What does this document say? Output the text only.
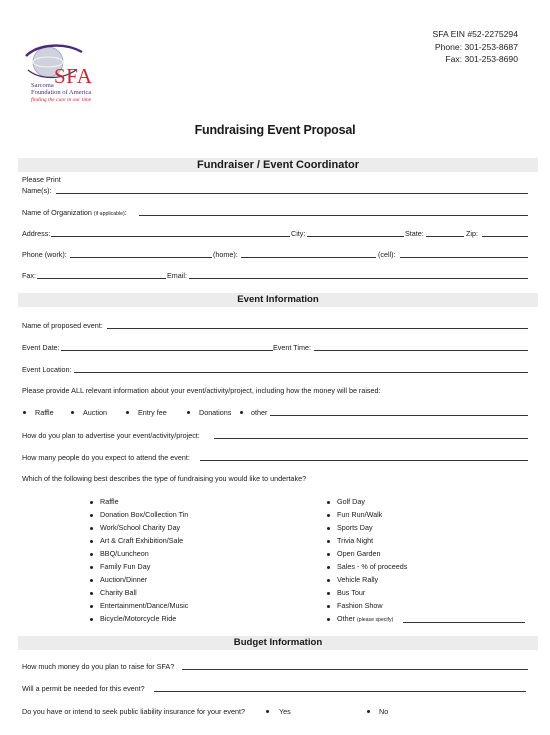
SFA
Sarcoma
Foundation of America
finding the cure in our time
SFA EIN #52-2275294
Phone: 301-253-8687
Fax: 301-253-8690
Fundraising Event Proposal
Fundraiser / Event Coordinator
Please Print
Name(s):
Name of Organization (if applicable):
Address:	City:	State:	Zip:
Phone (work):	(home):	(cell):
Fax:	Email:
Event Information
Name of proposed event:
Event Date:	Event Time:
Event Location:
Please provide ALL relevant information about your event/activity/project, including how the money will be raised:
Raffle	Auction	Entry fee	Donations	other
How do you plan to advertise your event/activity/project:
How many people do you expect to attend the event:
Which of the following best describes the type of fundraising you would like to undertake?
Raffle
Donation Box/Collection Tin
Work/School Charity Day
Art & Craft Exhibition/Sale
BBQ/Luncheon
Family Fun Day
Auction/Dinner
Charity Ball
Entertainment/Dance/Music
Bicycle/Motorcycle Ride
Golf Day
Fun Run/Walk
Sports Day
Trivia Night
Open Garden
Sales - % of proceeds
Vehicle Rally
Bus Tour
Fashion Show
Other (please specify)
Budget Information
How much money do you plan to raise for SFA?
Will a permit be needed for this event?
Do you have or intend to seek public liability insurance for your event?	Yes	No
